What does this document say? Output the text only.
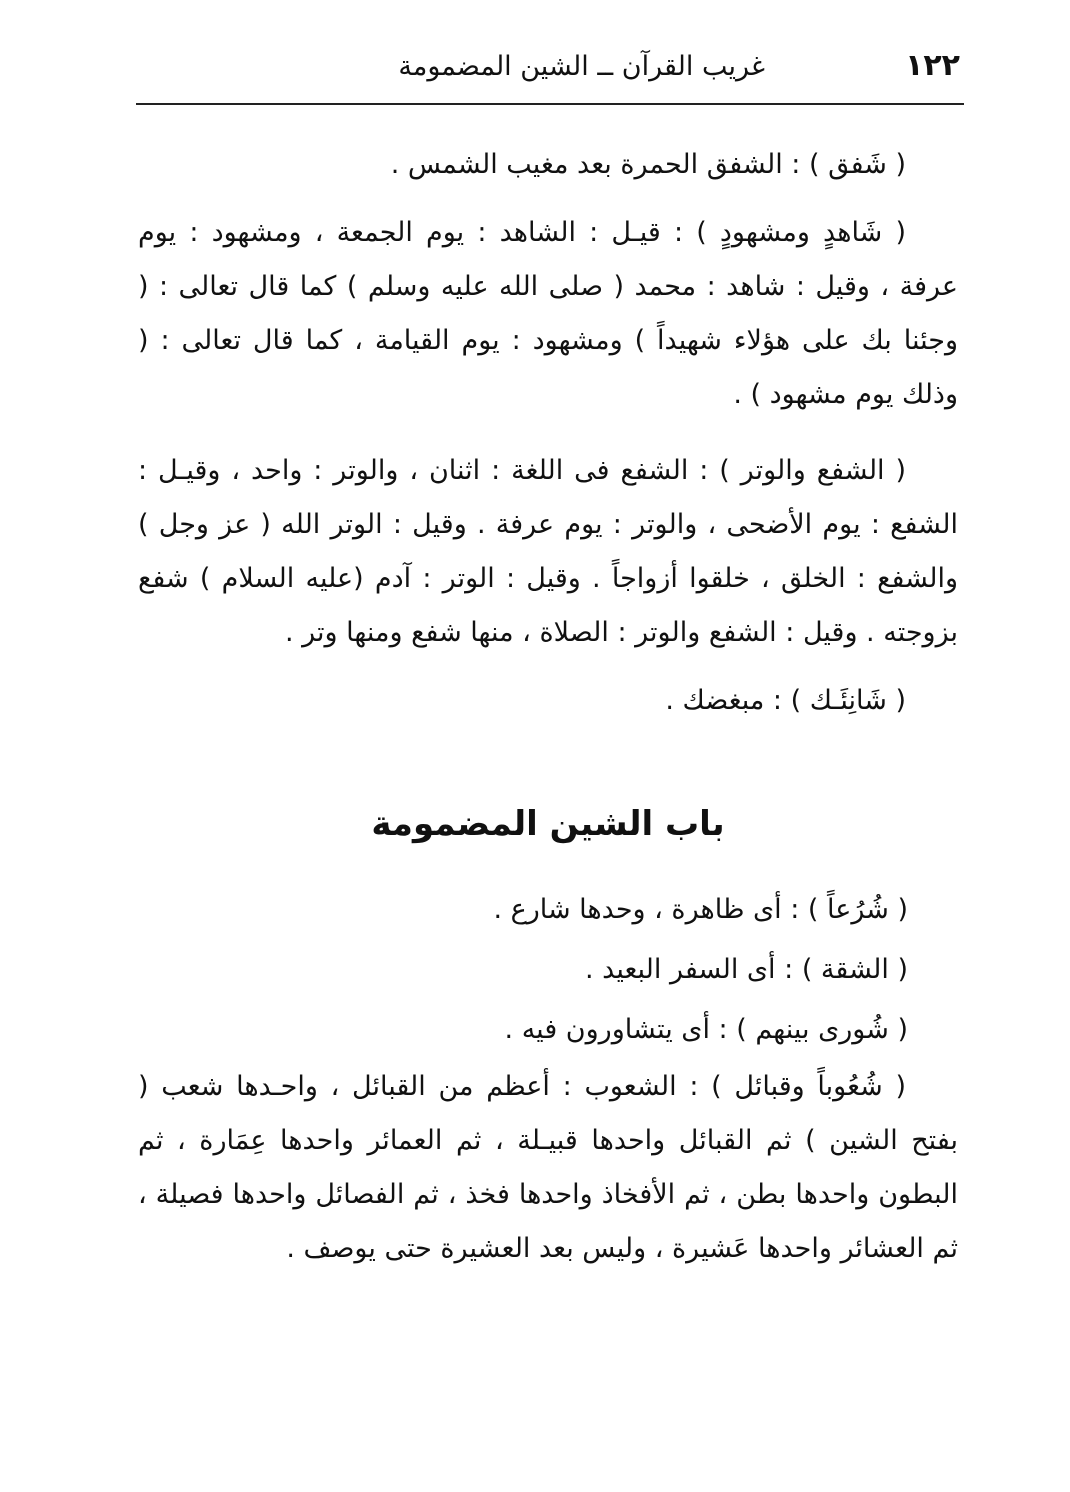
١٢٢
غريب القرآن ــ الشين المضمومة

( شَفق ) : الشفق الحمرة بعد مغيب الشمس .

( شَاهدٍ ومشهودٍ ) : قيـل : الشاهد : يوم الجمعة ، ومشهود : يوم عرفة ، وقيل : شاهد : محمد ( صلى الله عليه وسلم ) كما قال تعالى : ( وجئنا بك على هؤلاء شهيداً ) ومشهود : يوم القيامة ، كما قال تعالى : ( وذلك يوم مشهود ) .

( الشفع والوتر ) : الشفع فى اللغة : اثنان ، والوتر : واحد ، وقيـل : الشفع : يوم الأضحى ، والوتر : يوم عرفة . وقيل : الوتر الله ( عز وجل ) والشفع : الخلق ، خلقوا أزواجاً . وقيل : الوتر : آدم (عليه السلام ) شفع بزوجته . وقيل : الشفع والوتر : الصلاة ، منها شفع ومنها وتر .

( شَانِئَـك ) : مبغضك .

باب الشين المضمومة

( شُرُعاً ) : أى ظاهرة ، وحدها شارع .

( الشقة ) : أى السفر البعيد .

( شُورى بينهم ) : أى يتشاورون فيه .

( شُعُوباً وقبائل ) : الشعوب : أعظم من القبائل ، واحـدها شعب ( بفتح الشين ) ثم القبائل واحدها قبيـلة ، ثم العمائر واحدها عِمَارة ، ثم البطون واحدها بطن ، ثم الأفخاذ واحدها فخذ ، ثم الفصائل واحدها فصيلة ، ثم العشائر واحدها عَشيرة ، وليس بعد العشيرة حتى يوصف .
